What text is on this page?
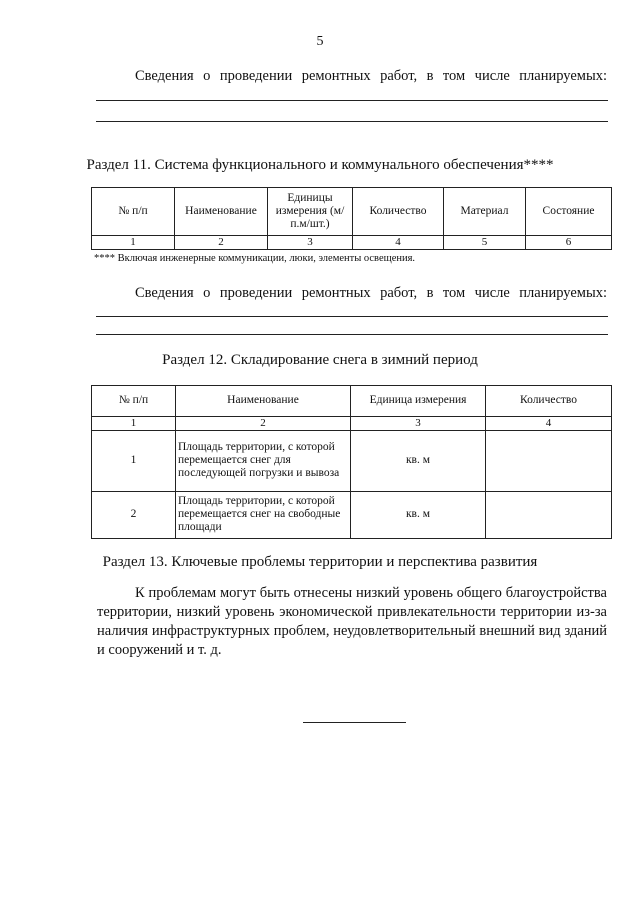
5
Сведения о проведении ремонтных работ, в том числе планируемых:
Раздел 11. Система функционального и коммунального обеспечения****
№ п/п	Наименование	Единицы измерения (м/п.м/шт.)	Количество	Материал	Состояние
1	2	3	4	5	6
**** Включая инженерные коммуникации, люки, элементы освещения.
Сведения о проведении ремонтных работ, в том числе планируемых:
Раздел 12. Складирование снега в зимний период
№ п/п	Наименование	Единица измерения	Количество
1	2	3	4
1	Площадь территории, с которой перемещается снег для последующей погрузки и вывоза	кв. м	
2	Площадь территории, с которой перемещается снег на свободные площади	кв. м	
Раздел 13. Ключевые проблемы территории и перспектива развития

К проблемам могут быть отнесены низкий уровень общего благоустройства территории, низкий уровень экономической привлекательности территории из-за наличия инфраструктурных проблем, неудовлетворительный внешний вид зданий и сооружений и т. д.
